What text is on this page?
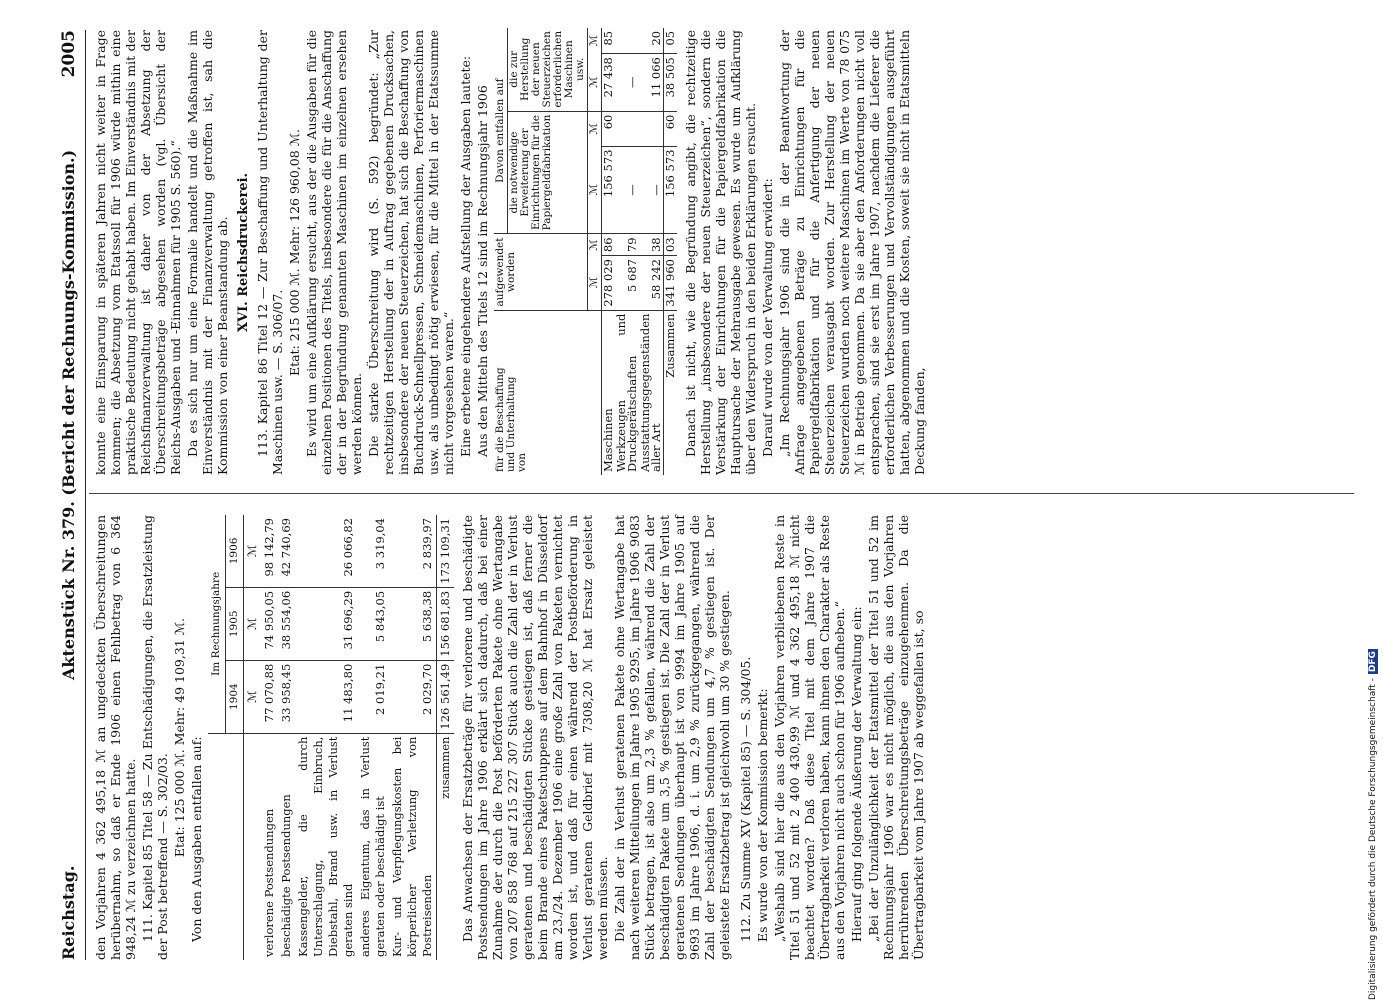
Reichstag.
Aktenstück Nr. 379. (Bericht der Rechnungs-Kommission.)
2005

den Vorjahren 4 362 495,18 ℳ an ungedeckten Überschreitungen herübernahm, so daß er Ende 1906 einen Fehlbetrag von 6 364 948,24 ℳ zu verzeichnen hatte. 111. Kapitel 85 Titel 58 — Zu Entschädigungen, die Ersatzleistung der Post betreffend — S. 302/03. Etat: 125 000 ℳ. Mehr: 49 109,31 ℳ. Von den Ausgaben entfallen auf:

	Im Rechnungsjahre		
	1904	1905	1906
	ℳ	ℳ	ℳ
verlorene Postsendungen	77 070,88	74 950,05	98 142,79
beschädigte Postsendungen	33 958,45	38 554,06	42 740,69
Kassengelder, die durch Unterschlagung, Einbruch, Diebstahl, Brand usw. in Verlust geraten sind	11 483,80	31 696,29	26 066,82
anderes Eigentum, das in Verlust geraten oder beschädigt ist	2 019,21	5 843,05	3 319,04
Kur- und Verpflegungskosten bei körperlicher Verletzung von Postreisenden	2 029,70	5 638,38	2 839,97
zusammen	126 561,49	156 681,83	173 109,31 Das Anwachsen der Ersatzbeträge für verlorene und beschädigte Postsendungen im Jahre 1906 erklärt sich dadurch, daß bei einer Zunahme der durch die Post beförderten Pakete ohne Wertangabe von 207 858 768 auf 215 227 307 Stück auch die Zahl der in Verlust geratenen und beschädigten Stücke gestiegen ist, daß ferner die beim Brande eines Paketschuppens auf dem Bahnhof in Düsseldorf am 23./24. Dezember 1906 eine große Zahl von Paketen vernichtet worden ist, und daß für einen während der Postbeförderung in Verlust geratenen Geldbrief mit 7308,20 ℳ hat Ersatz geleistet werden müssen. Die Zahl der in Verlust geratenen Pakete ohne Wertangabe hat nach weiteren Mitteilungen im Jahre 1905 9295, im Jahre 1906 9083 Stück betragen, ist also um 2,3 % gefallen, während die Zahl der beschädigten Pakete um 3,5 % gestiegen ist. Die Zahl der in Verlust geratenen Sendungen überhaupt ist von 9994 im Jahre 1905 auf 9693 im Jahre 1906, d. i. um 2,9 % zurückgegangen, während die Zahl der beschädigten Sendungen um 4,7 % gestiegen ist. Der geleistete Ersatzbetrag ist gleichwohl um 30 % gestiegen. 112. Zu Summe XV (Kapitel 85) — S. 304/05. Es wurde von der Kommission bemerkt: „Weshalb sind hier die aus den Vorjahren verbliebenen Reste in Titel 51 und 52 mit 2 400 430,99 ℳ und 4 362 495,18 ℳ nicht beachtet worden? Daß diese Titel mit dem Jahre 1907 die Übertragbarkeit verloren haben, kann ihnen den Charakter als Reste aus den Vorjahren nicht auch schon für 1906 aufheben.“ Hierauf ging folgende Äußerung der Verwaltung ein: „Bei der Unzulänglichkeit der Etatsmittel der Titel 51 und 52 im Rechnungsjahr 1906 war es nicht möglich, die aus den Vorjahren herrührenden Überschreitungsbeträge einzugehenmen. Da die Übertragbarkeit vom Jahre 1907 ab weggefallen ist, so

konnte eine Einsparung in späteren Jahren nicht weiter in Frage kommen; die Absetzung vom Etatssoll für 1906 würde mithin eine praktische Bedeutung nicht gehabt haben. Im Einverständnis mit der Reichsfinanzverwaltung ist daher von der Absetzung der Überschreitungsbeträge abgesehen worden (vgl. Übersicht der Reichs-Ausgaben und -Einnahmen für 1905 S. 560).“ Da es sich nur um eine Formalie handelt und die Maßnahme im Einverständnis mit der Finanzverwaltung getroffen ist, sah die Kommission von einer Beanstandung ab. XVI. Reichsdruckerei. 113. Kapitel 86 Titel 12 — Zur Beschaffung und Unterhaltung der Maschinen usw. — S. 306/07.

Etat: 215 000 ℳ. Mehr: 126 960,08 ℳ. Es wird um eine Aufklärung ersucht, aus der die Ausgaben für die einzelnen Positionen des Titels, insbesondere die für die Anschaffung der in der Begründung genannten Maschinen im einzelnen ersehen werden können. Die starke Überschreitung wird (S. 592) begründet: „Zur rechtzeitigen Herstellung der in Auftrag gegebenen Drucksachen, insbesondere der neuen Steuerzeichen, hat sich die Beschaffung von Buchdruck-Schnellpressen, Schneidemaschinen, Perforiermaschinen usw. als unbedingt nötig erwiesen, für die Mittel in der Etatssumme nicht vorgesehen waren.“ Eine erbetene eingehendere Aufstellung der Ausgaben lautete: Aus den Mitteln des Titels 12 sind im Rechnungsjahr 1906 für die Beschaffung
und Unterhaltung
von	aufgewendet worden		Davon entfallen auf			
			die notwendige Erweiterung der Einrichtungen für die Papiergeldfabrikation		die zur Herstellung der neuen Steuerzeichen erforderlichen Maschinen usw.	
	ℳ	ℳ	ℳ	ℳ	ℳ	ℳ
Maschinen	278 029	86	156 573	60	27 438	85
Werkzeugen und Druckgerätschaften	5 687	79	—		—	
Ausstattungsgegenständen aller Art	58 242	38	—		11 066	20
Zusammen	341 960	03	156 573	60	38 505	05 Danach ist nicht, wie die Begründung angibt, die rechtzeitige Herstellung „insbesondere der neuen Steuerzeichen“, sondern die Verstärkung der Einrichtungen für die Papiergeldfabrikation die Hauptursache der Mehrausgabe gewesen. Es wurde um Aufklärung über den Widerspruch in den beiden Erklärungen ersucht. Darauf wurde von der Verwaltung erwidert: „Im Rechnungsjahr 1906 sind die in der Beantwortung der Anfrage angegebenen Beträge zu Einrichtungen für die Papiergeldfabrikation und für die Anfertigung der neuen Steuerzeichen verausgabt worden. Zur Herstellung der neuen Steuerzeichen wurden noch weitere Maschinen im Werte von 78 075 ℳ in Betrieb genommen. Da sie aber den Anforderungen nicht voll entsprachen, sind sie erst im Jahre 1907, nachdem die Lieferer die erforderlichen Verbesserungen und Vervollständigungen ausgeführt hatten, abgenommen und die Kosten, soweit sie nicht in Etatsmitteln Deckung fanden,

Digitalisierung gefördert durch die Deutsche Forschungsgemeinschaft -DFG
